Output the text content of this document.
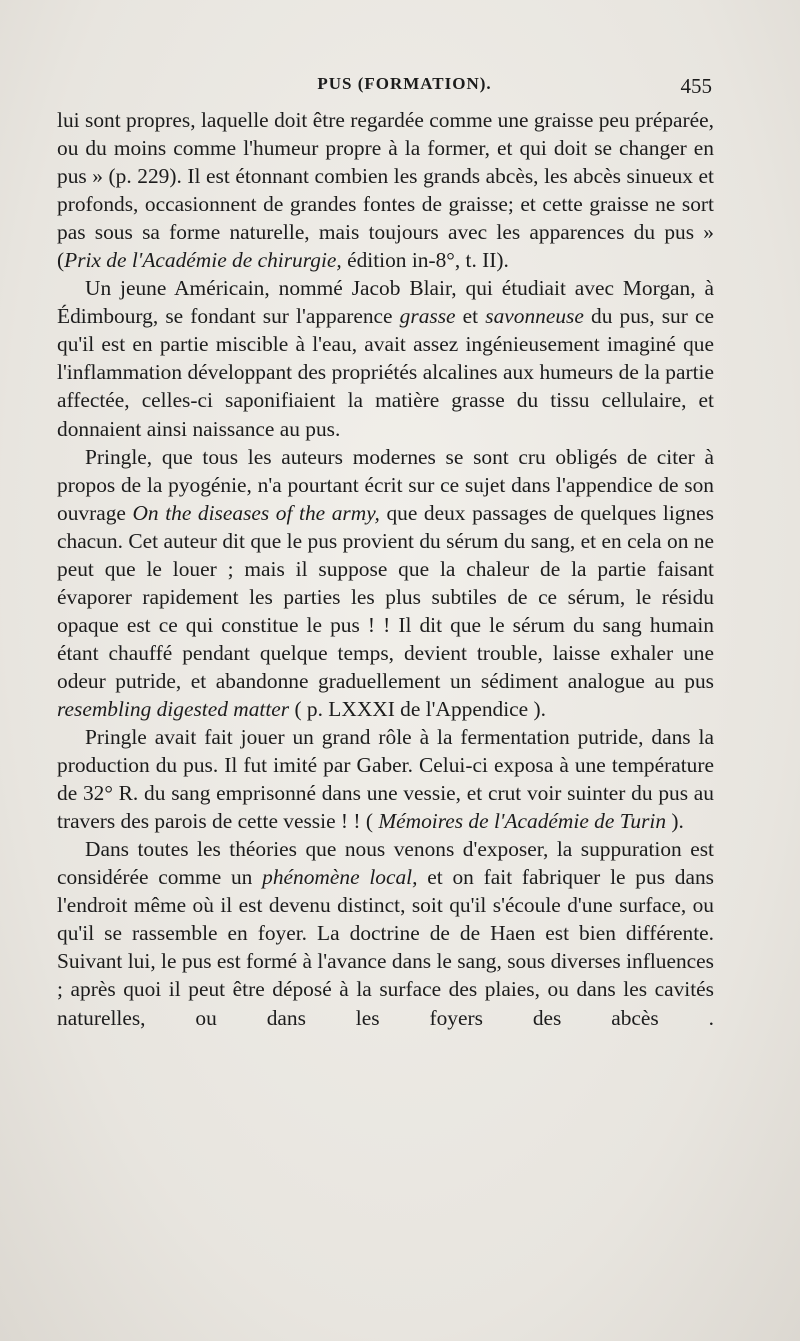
PUS (FORMATION).	455

lui sont propres, laquelle doit être regardée comme une graisse peu préparée, ou du moins comme l'humeur propre à la former, et qui doit se changer en pus » (p. 229). Il est étonnant combien les grands abcès, les abcès sinueux et profonds, occasionnent de grandes fontes de graisse; et cette graisse ne sort pas sous sa forme naturelle, mais toujours avec les apparences du pus » (Prix de l'Académie de chirurgie, édition in-8°, t. II).

Un jeune Américain, nommé Jacob Blair, qui étudiait avec Morgan, à Édimbourg, se fondant sur l'apparence grasse et savonneuse du pus, sur ce qu'il est en partie miscible à l'eau, avait assez ingénieusement imaginé que l'inflammation développant des propriétés alcalines aux humeurs de la partie affectée, celles-ci saponifiaient la matière grasse du tissu cellulaire, et donnaient ainsi naissance au pus.

Pringle, que tous les auteurs modernes se sont cru obligés de citer à propos de la pyogénie, n'a pourtant écrit sur ce sujet dans l'appendice de son ouvrage On the diseases of the army, que deux passages de quelques lignes chacun. Cet auteur dit que le pus provient du sérum du sang, et en cela on ne peut que le louer ; mais il suppose que la chaleur de la partie faisant évaporer rapidement les parties les plus subtiles de ce sérum, le résidu opaque est ce qui constitue le pus ! ! Il dit que le sérum du sang humain étant chauffé pendant quelque temps, devient trouble, laisse exhaler une odeur putride, et abandonne graduellement un sédiment analogue au pus resembling digested matter ( p. LXXXI de l'Appendice ).

Pringle avait fait jouer un grand rôle à la fermentation putride, dans la production du pus. Il fut imité par Gaber. Celui-ci exposa à une température de 32° R. du sang emprisonné dans une vessie, et crut voir suinter du pus au travers des parois de cette vessie ! ! ( Mémoires de l'Académie de Turin ).

Dans toutes les théories que nous venons d'exposer, la suppuration est considérée comme un phénomène local, et on fait fabriquer le pus dans l'endroit même où il est devenu distinct, soit qu'il s'écoule d'une surface, ou qu'il se rassemble en foyer. La doctrine de de Haen est bien différente. Suivant lui, le pus est formé à l'avance dans le sang, sous diverses influences ; après quoi il peut être déposé à la surface des plaies, ou dans les cavités naturelles, ou dans les foyers des abcès .
